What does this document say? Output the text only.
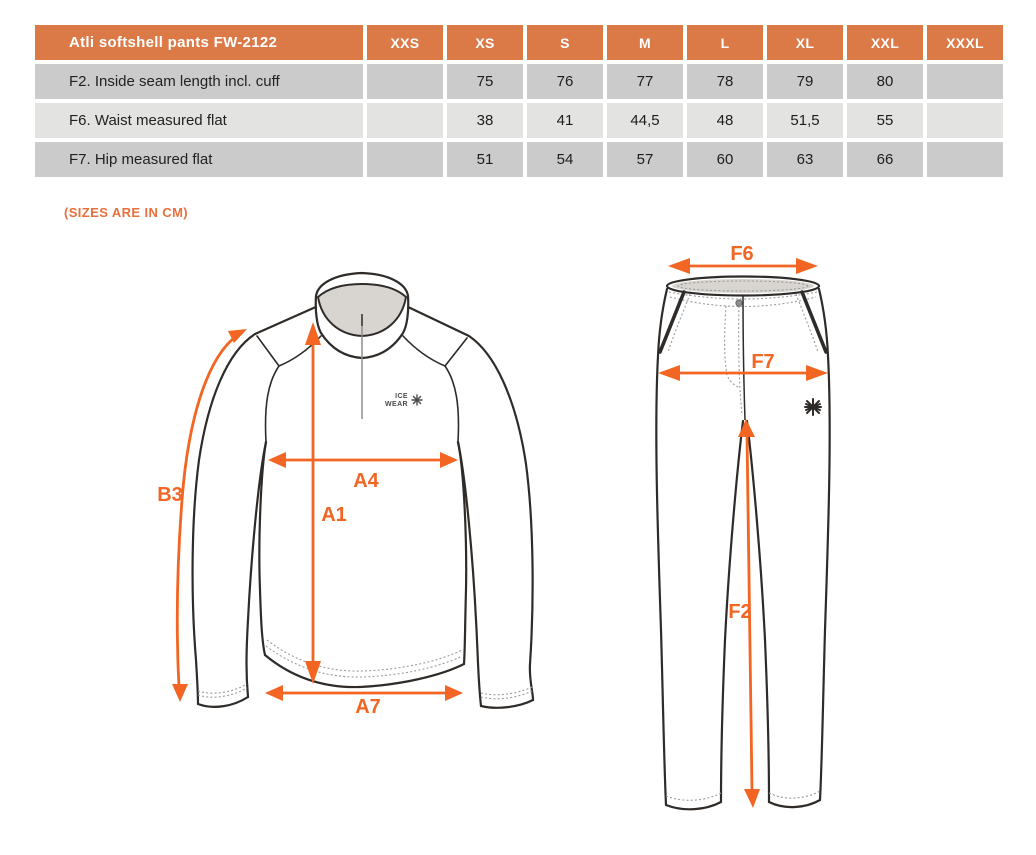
Atli softshell pants FW-2122	XXS	XS	S	M	L	XL	XXL	XXXL
F2. Inside seam length incl. cuff		75	76	77	78	79	80	
F6. Waist measured flat		38	41	44,5	48	51,5	55	
F7. Hip measured flat		51	54	57	60	63	66	
(SIZES ARE IN CM)
ICE
WEAR
B3
A4
A1
A7
F6
F7
F2
